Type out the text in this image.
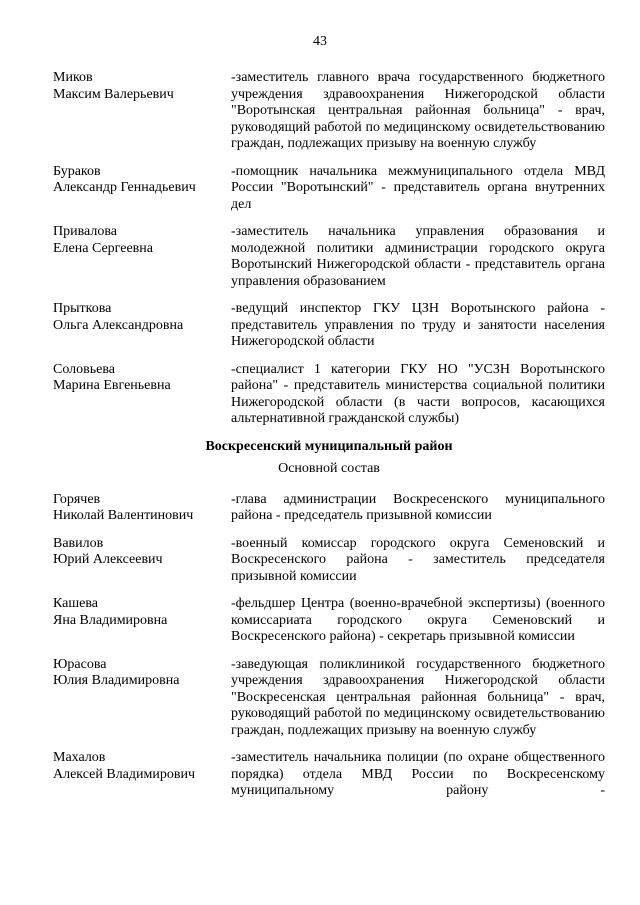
43
Миков
Максим Валерьевич
-заместитель главного врача государственного бюджетного учреждения здравоохранения Нижегородской области "Воротынская центральная районная больница" - врач, руководящий работой по медицинскому освидетельствованию граждан, подлежащих призыву на военную службу
Бураков
Александр Геннадьевич
-помощник начальника межмуниципального отдела МВД России "Воротынский" - представитель органа внутренних дел
Привалова
Елена Сергеевна
-заместитель начальника управления образования и молодежной политики администрации городского округа Воротынский Нижегородской области - представитель органа управления образованием
Прыткова
Ольга Александровна
-ведущий инспектор ГКУ ЦЗН Воротынского района - представитель управления по труду и занятости населения Нижегородской области
Соловьева
Марина Евгеньевна
-специалист 1 категории ГКУ НО "УСЗН Воротынского района" - представитель министерства социальной политики Нижегородской области (в части вопросов, касающихся альтернативной гражданской службы)
Воскресенский муниципальный район
Основной состав
Горячев
Николай Валентинович
-глава администрации Воскресенского муниципального района - председатель призывной комиссии
Вавилов
Юрий Алексеевич
-военный комиссар городского округа Семеновский и Воскресенского района - заместитель председателя призывной комиссии
Кашева
Яна Владимировна
-фельдшер Центра (военно-врачебной экспертизы) (военного комиссариата городского округа Семеновский и Воскресенского района) - секретарь призывной комиссии
Юрасова
Юлия Владимировна
-заведующая поликлиникой государственного бюджетного учреждения здравоохранения Нижегородской области "Воскресенская центральная районная больница" - врач, руководящий работой по медицинскому освидетельствованию граждан, подлежащих призыву на военную службу
Махалов
Алексей Владимирович
-заместитель начальника полиции (по охране общественного порядка) отдела МВД России по Воскресенскому муниципальному району -
